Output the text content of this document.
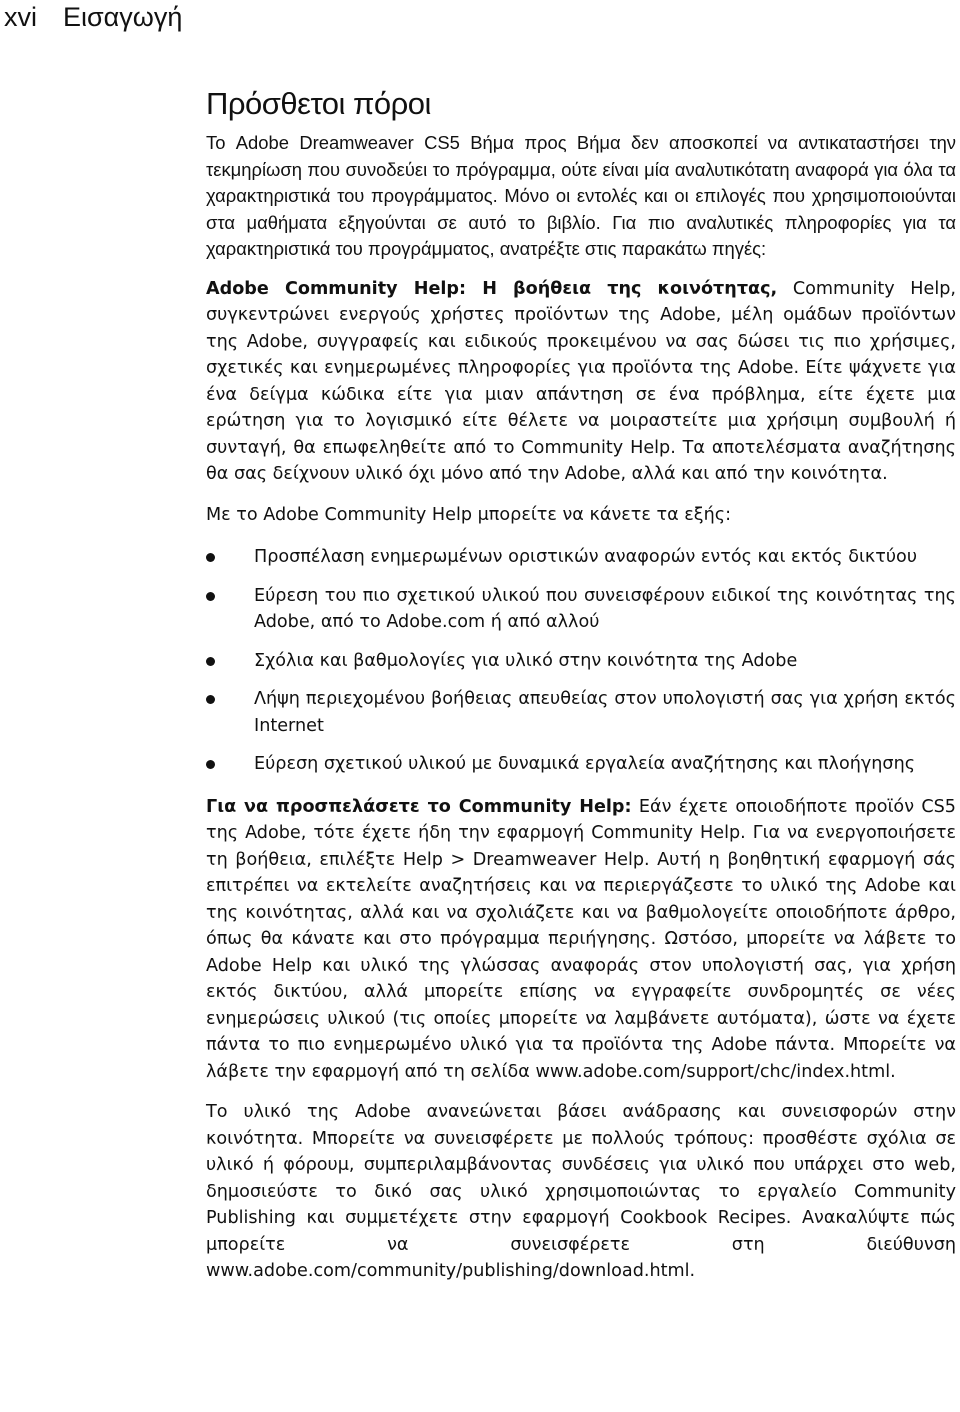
xvi Εισαγωγή
Πρόσθετοι πόροι

Το Adobe Dreamweaver CS5 Βήμα προς Βήμα δεν αποσκοπεί να αντικαταστήσει την τεκμηρίωση που συνοδεύει το πρόγραμμα, ούτε είναι μία αναλυτικότατη αναφορά για όλα τα χαρακτηριστικά του προγράμματος. Μόνο οι εντολές και οι επιλογές που χρησιμοποιούνται στα μαθήματα εξηγούνται σε αυτό το βιβλίο. Για πιο αναλυτικές πληροφορίες για τα χαρακτηριστικά του προγράμματος, ανατρέξτε στις παρακάτω πηγές:

Adobe Community Help: Η βοήθεια της κοινότητας, Community Help, συγκεντρώνει ενεργούς χρήστες προϊόντων της Adobe, μέλη ομάδων προϊόντων της Adobe, συγγραφείς και ειδικούς προκειμένου να σας δώσει τις πιο χρήσιμες, σχετικές και ενημερωμένες πληροφορίες για προϊόντα της Adobe. Είτε ψάχνετε για ένα δείγμα κώδικα είτε για μιαν απάντηση σε ένα πρόβλημα, είτε έχετε μια ερώτηση για το λογισμικό είτε θέλετε να μοιραστείτε μια χρήσιμη συμβουλή ή συνταγή, θα επωφεληθείτε από το Community Help. Τα αποτελέσματα αναζήτησης θα σας δείχνουν υλικό όχι μόνο από την Adobe, αλλά και από την κοινότητα.

Με το Adobe Community Help μπορείτε να κάνετε τα εξής:

Προσπέλαση ενημερωμένων οριστικών αναφορών εντός και εκτός δικτύου
Εύρεση του πιο σχετικού υλικού που συνεισφέρουν ειδικοί της κοινότητας της Adobe, από το Adobe.com ή από αλλού
Σχόλια και βαθμολογίες για υλικό στην κοινότητα της Adobe
Λήψη περιεχομένου βοήθειας απευθείας στον υπολογιστή σας για χρήση εκτός Internet
Εύρεση σχετικού υλικού με δυναμικά εργαλεία αναζήτησης και πλοήγησης

Για να προσπελάσετε το Community Help: Εάν έχετε οποιοδήποτε προϊόν CS5 της Adobe, τότε έχετε ήδη την εφαρμογή Community Help. Για να ενεργοποιήσετε τη βοήθεια, επιλέξτε Help > Dreamweaver Help. Αυτή η βοηθητική εφαρμογή σάς επιτρέπει να εκτελείτε αναζητήσεις και να περιεργάζεστε το υλικό της Adobe και της κοινότητας, αλλά και να σχολιάζετε και να βαθμολογείτε οποιοδήποτε άρθρο, όπως θα κάνατε και στο πρόγραμμα περιήγησης. Ωστόσο, μπορείτε να λάβετε το Adobe Help και υλικό της γλώσσας αναφοράς στον υπολογιστή σας, για χρήση εκτός δικτύου, αλλά μπορείτε επίσης να εγγραφείτε συνδρομητές σε νέες ενημερώσεις υλικού (τις οποίες μπορείτε να λαμβάνετε αυτόματα), ώστε να έχετε πάντα το πιο ενημερωμένο υλικό για τα προϊόντα της Adobe πάντα. Μπορείτε να λάβετε την εφαρμογή από τη σελίδα www.adobe.com/support/chc/index.html.

Το υλικό της Adobe ανανεώνεται βάσει ανάδρασης και συνεισφορών στην κοινότητα. Μπορείτε να συνεισφέρετε με πολλούς τρόπους: προσθέστε σχόλια σε υλικό ή φόρουμ, συμπεριλαμβάνοντας συνδέσεις για υλικό που υπάρχει στο web, δημοσιεύστε το δικό σας υλικό χρησιμοποιώντας το εργαλείο Community Publishing και συμμετέχετε στην εφαρμογή Cookbook Recipes. Ανακαλύψτε πώς μπορείτε να συνεισφέρετε στη διεύθυνση www.adobe.com/community/publishing/download.html.
